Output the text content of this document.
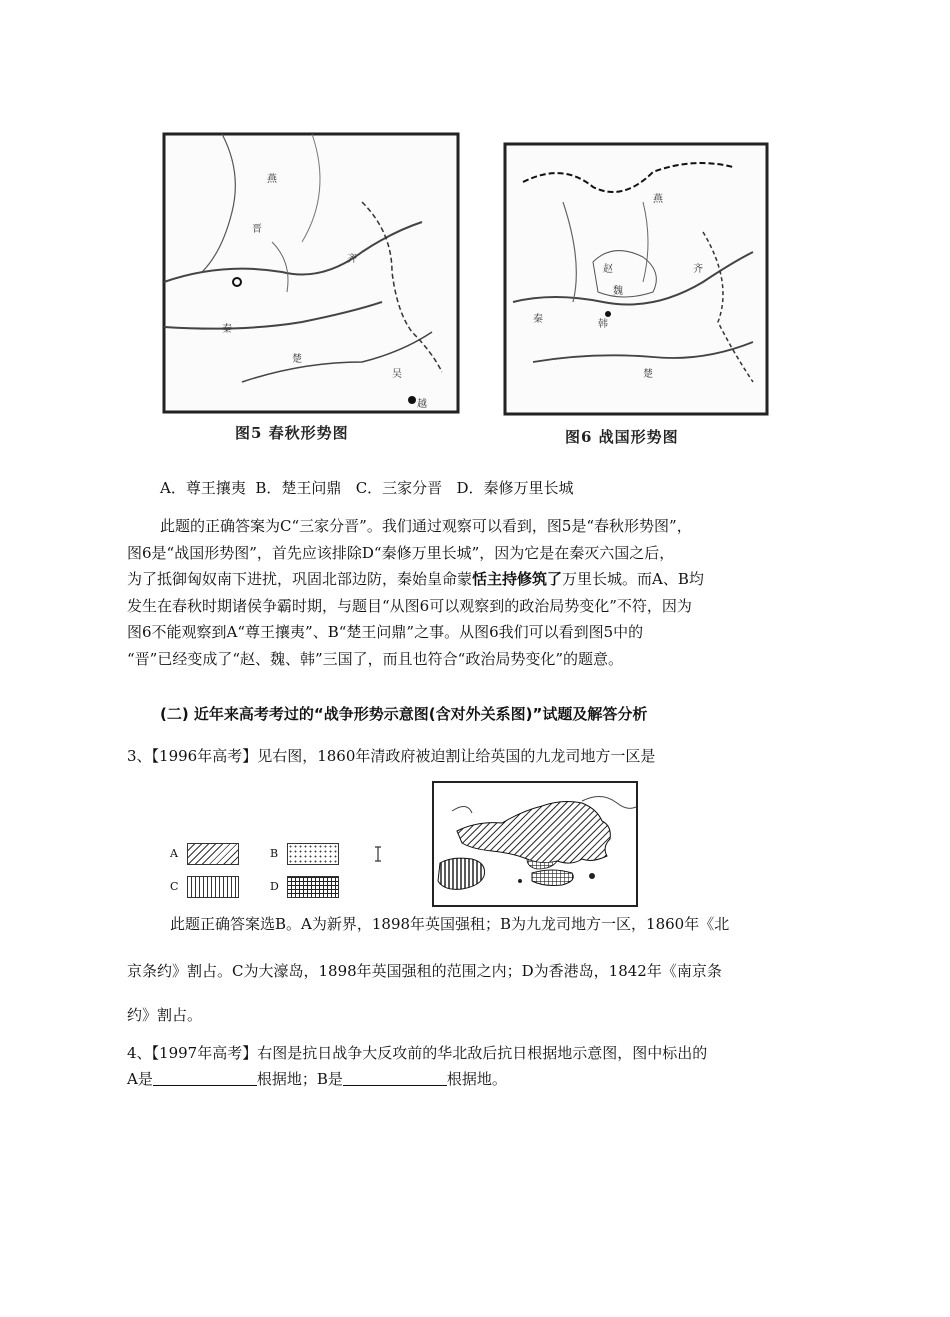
燕
晋
齐
秦
楚
吴
越
图5 春秋形势图
燕
赵
魏
韩
齐
秦
楚
图6 战国形势图
A．尊王攘夷  B．楚王问鼎   C．三家分晋   D．秦修万里长城

此题的正确答案为C“三家分晋”。我们通过观察可以看到，图5是“春秋形势图”，

图6是“战国形势图”，首先应该排除D“秦修万里长城”，因为它是在秦灭六国之后，

为了抵御匈奴南下进扰，巩固北部边防，秦始皇命蒙恬主持修筑了万里长城。而A、B均

发生在春秋时期诸侯争霸时期，与题目“从图6可以观察到的政治局势变化”不符，因为

图6不能观察到A“尊王攘夷”、B“楚王问鼎”之事。从图6我们可以看到图5中的

“晋”已经变成了“赵、魏、韩”三国了，而且也符合“政治局势变化”的题意。

(二) 近年来高考考过的“战争形势示意图(含对外关系图)”试题及解答分析
3、【1996年高考】见右图，1860年清政府被迫割让给英国的九龙司地方一区是
A	B
C	D
此题正确答案选B。A为新界，1898年英国强租；B为九龙司地方一区，1860年《北
京条约》割占。C为大濠岛，1898年英国强租的范围之内；D为香港岛，1842年《南京条
约》割占。
4、【1997年高考】右图是抗日战争大反攻前的华北敌后抗日根据地示意图，图中标出的
A是	根据地；B是	根据地。
